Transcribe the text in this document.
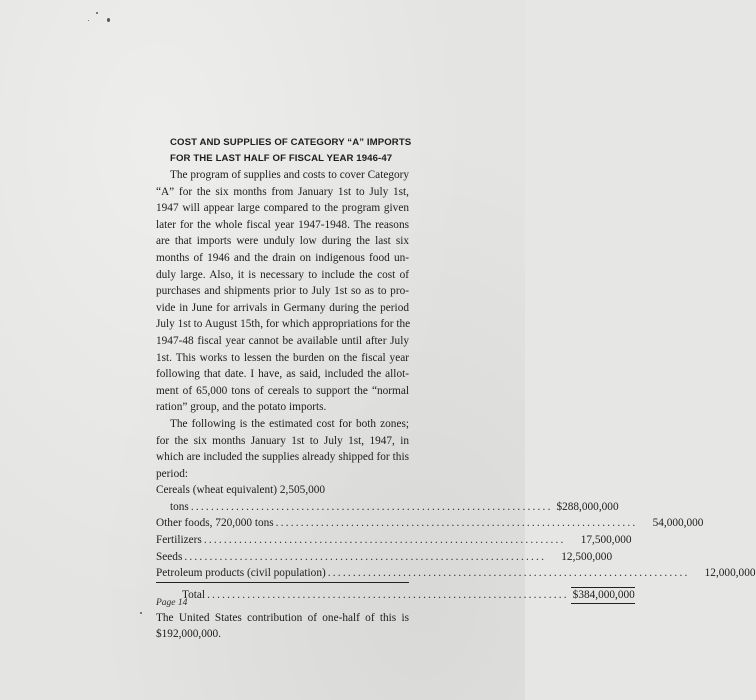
COST AND SUPPLIES OF CATEGORY “A” IMPORTS
FOR THE LAST HALF OF FISCAL YEAR 1946-47

The program of supplies and costs to cover Category
“A” for the six months from January 1st to July 1st,
1947 will appear large compared to the program given
later for the whole fiscal year 1947-1948. The reasons
are that imports were unduly low during the last six
months of 1946 and the drain on indigenous food un-
duly large. Also, it is necessary to include the cost of
purchases and shipments prior to July 1st so as to pro-
vide in June for arrivals in Germany during the period
July 1st to August 15th, for which appropriations for the
1947-48 fiscal year cannot be available until after July
1st. This works to lessen the burden on the fiscal year
following that date. I have, as said, included the allot-
ment of 65,000 tons of cereals to support the “normal
ration” group, and the potato imports.

The following is the estimated cost for both zones;
for the six months January 1st to July 1st, 1947, in
which are included the supplies already shipped for this
period:

Cereals (wheat equivalent) 2,505,000
tons ........................................................................ $288,000,000
Other foods, 720,000 tons ........................................................................	54,000,000
Fertilizers ........................................................................	17,500,000
Seeds ........................................................................	12,500,000
Petroleum products (civil population) ........................................................................	12,000,000
Total ........................................................................ $384,000,000

The United States contribution of one-half of this is
$192,000,000.

Page 14
